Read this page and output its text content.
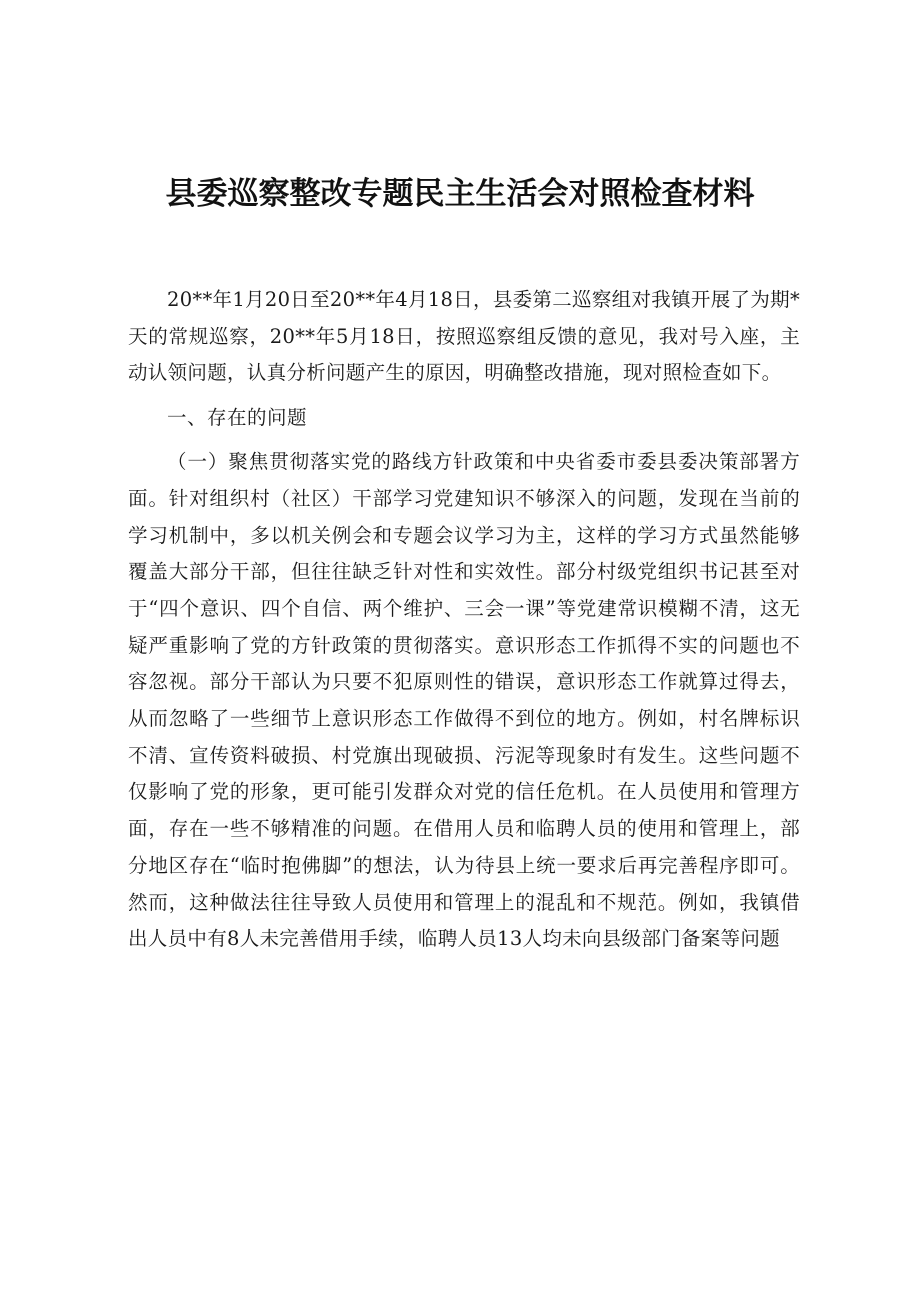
县委巡察整改专题民主生活会对照检查材料

20**年1月20日至20**年4月18日，县委第二巡察组对我镇开展了为期*天的常规巡察，20**年5月18日，按照巡察组反馈的意见，我对号入座，主动认领问题，认真分析问题产生的原因，明确整改措施，现对照检查如下。

一、存在的问题

（一）聚焦贯彻落实党的路线方针政策和中央省委市委县委决策部署方面。针对组织村（社区）干部学习党建知识不够深入的问题，发现在当前的学习机制中，多以机关例会和专题会议学习为主，这样的学习方式虽然能够覆盖大部分干部，但往往缺乏针对性和实效性。部分村级党组织书记甚至对于“四个意识、四个自信、两个维护、三会一课”等党建常识模糊不清，这无疑严重影响了党的方针政策的贯彻落实。意识形态工作抓得不实的问题也不容忽视。部分干部认为只要不犯原则性的错误，意识形态工作就算过得去，从而忽略了一些细节上意识形态工作做得不到位的地方。例如，村名牌标识不清、宣传资料破损、村党旗出现破损、污泥等现象时有发生。这些问题不仅影响了党的形象，更可能引发群众对党的信任危机。在人员使用和管理方面，存在一些不够精准的问题。在借用人员和临聘人员的使用和管理上，部分地区存在“临时抱佛脚”的想法，认为待县上统一要求后再完善程序即可。然而，这种做法往往导致人员使用和管理上的混乱和不规范。例如，我镇借出人员中有8人未完善借用手续，临聘人员13人均未向县级部门备案等问题
